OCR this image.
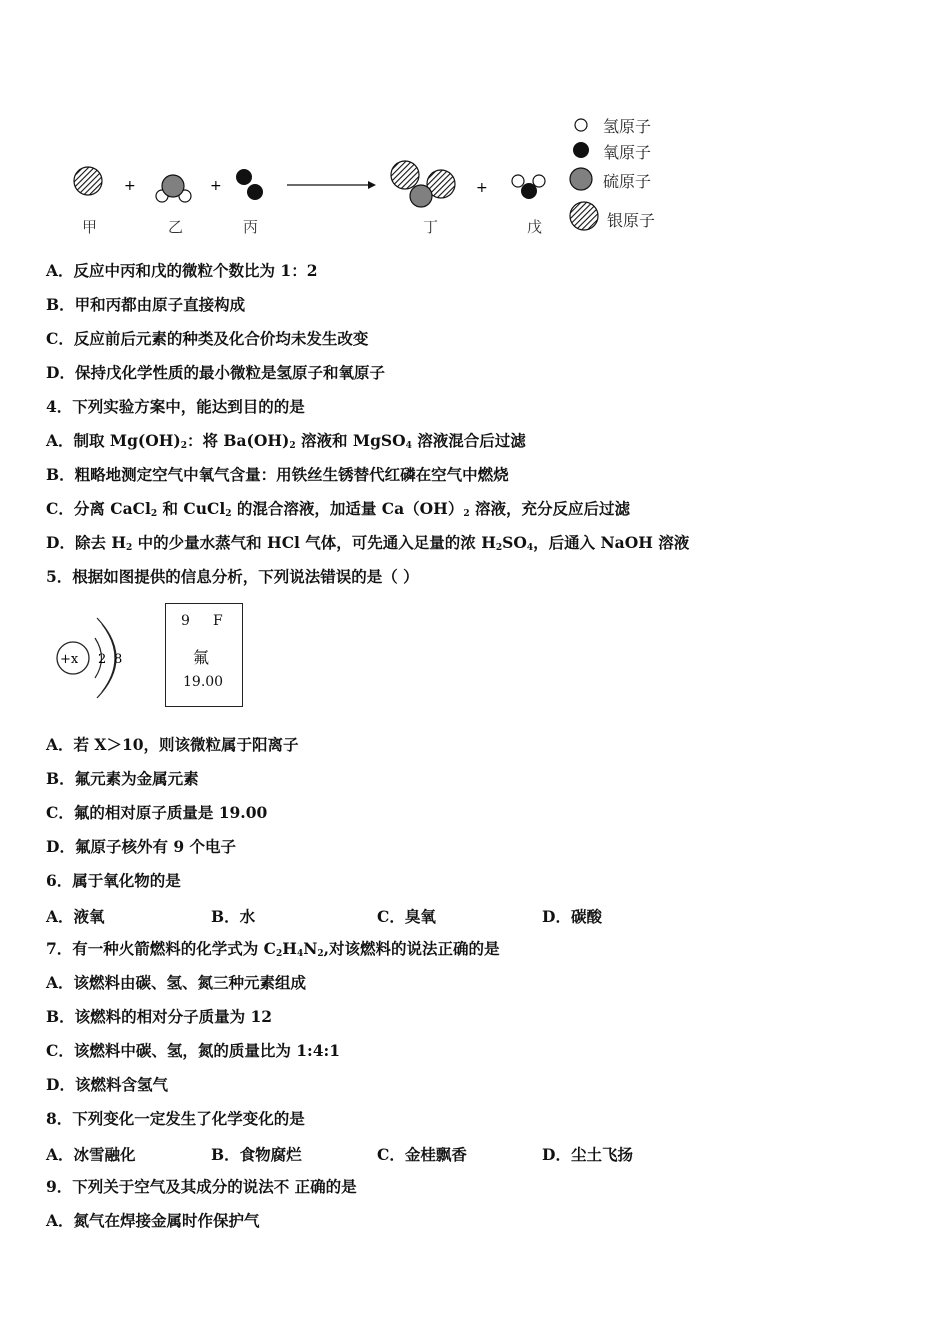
+	+	+
甲	乙	丙	丁	戊
氢原子
氧原子
硫原子
银原子
A．反应中丙和戊的微粒个数比为 1：2
B．甲和丙都由原子直接构成
C．反应前后元素的种类及化合价均未发生改变
D．保持戊化学性质的最小微粒是氢原子和氧原子
4．下列实验方案中，能达到目的的是
A．制取 $Mg(OH)_2$：将 $Ba(OH)_2$ 溶液和 MgSO$_4$ 溶液混合后过滤
B．粗略地测定空气中氧气含量：用铁丝生锈替代红磷在空气中燃烧
C．分离 CaCl$_2$ 和 CuCl$_2$ 的混合溶液，加适量 $Ca(OH)_2$ 溶液，充分反应后过滤
D．除去 $H_2$ 中的少量水蒸气和 HCl 气体，可先通入足量的浓 $H_2SO_4$，后通入 NaOH 溶液
5．根据如图提供的信息分析，下列说法错误的是（ ）
+x 2 8
9 F
氟
19.00
A．若 X＞10，则该微粒属于阳离子
B．氟元素为金属元素
C．氟的相对原子质量是 19.00
D．氟原子核外有 9 个电子
6．属于氧化物的是
A．液氧	B．水	C．臭氧	D．碳酸
7．有一种火箭燃料的化学式为 $C_2H_4N_2$,对该燃料的说法正确的是
A．该燃料由碳、氢、氮三种元素组成
B．该燃料的相对分子质量为 12
C．该燃料中碳、氢，氮的质量比为 1:4:1
D．该燃料含氢气
8．下列变化一定发生了化学变化的是
A．冰雪融化	B．食物腐烂	C．金桂飘香	D．尘土飞扬
9．下列关于空气及其成分的说法不 正确的是
A．氮气在焊接金属时作保护气
